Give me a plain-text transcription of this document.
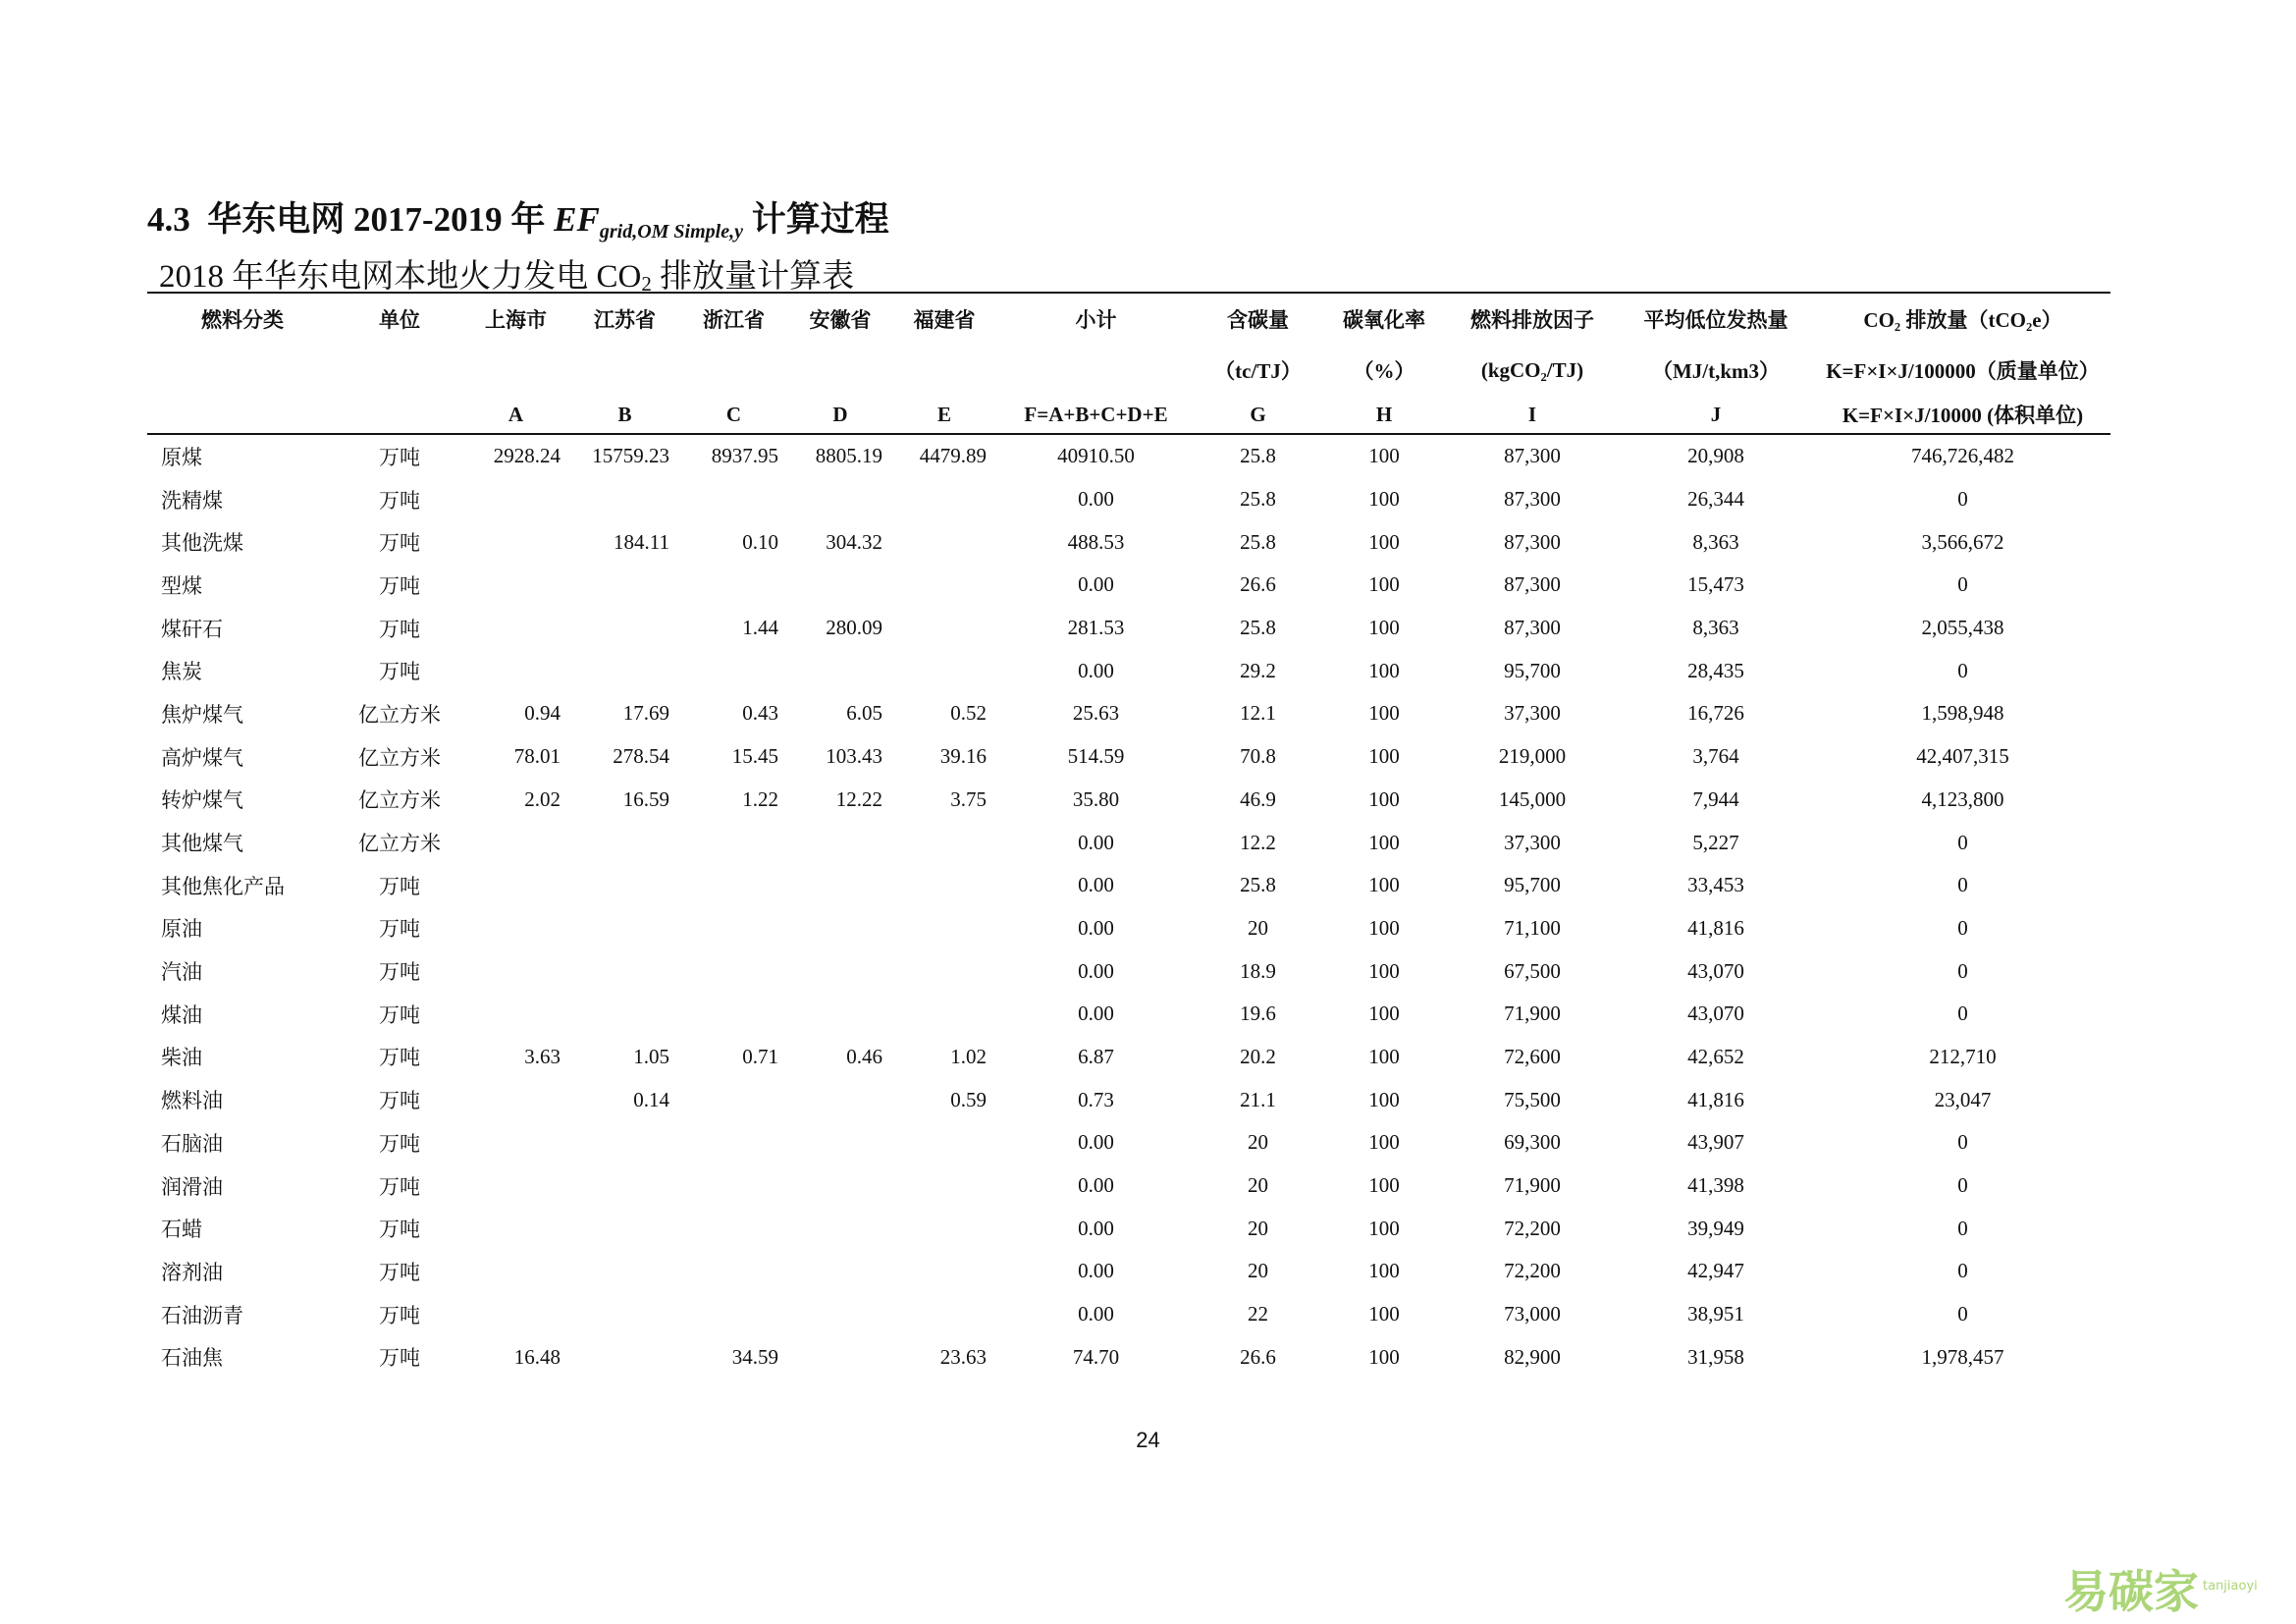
4.3 华东电网 2017-2019 年 $EF_{grid,OM Simple,y}$ 计算过程
2018 年华东电网本地火力发电 $CO_2$ 排放量计算表
燃料分类	单位	上海市	江苏省	浙江省	安徽省	福建省	小计	含碳量	碳氧化率	燃料排放因子	平均低位发热量	CO₂ 排放量（tCO₂e）
								（tc/TJ）	（%）	(kgCO₂/TJ)	（MJ/t,km3）	K=F×I×J/100000（质量单位）
		A	B	C	D	E	F=A+B+C+D+E	G	H	I	J	K=F×I×J/10000 (体积单位)
原煤	万吨	2928.24	15759.23	8937.95	8805.19	4479.89	40910.50	25.8	100	87,300	20,908	746,726,482
洗精煤	万吨						0.00	25.8	100	87,300	26,344	0
其他洗煤	万吨		184.11	0.10	304.32		488.53	25.8	100	87,300	8,363	3,566,672
型煤	万吨						0.00	26.6	100	87,300	15,473	0
煤矸石	万吨			1.44	280.09		281.53	25.8	100	87,300	8,363	2,055,438
焦炭	万吨						0.00	29.2	100	95,700	28,435	0
焦炉煤气	亿立方米	0.94	17.69	0.43	6.05	0.52	25.63	12.1	100	37,300	16,726	1,598,948
高炉煤气	亿立方米	78.01	278.54	15.45	103.43	39.16	514.59	70.8	100	219,000	3,764	42,407,315
转炉煤气	亿立方米	2.02	16.59	1.22	12.22	3.75	35.80	46.9	100	145,000	7,944	4,123,800
其他煤气	亿立方米						0.00	12.2	100	37,300	5,227	0
其他焦化产品	万吨						0.00	25.8	100	95,700	33,453	0
原油	万吨						0.00	20	100	71,100	41,816	0
汽油	万吨						0.00	18.9	100	67,500	43,070	0
煤油	万吨						0.00	19.6	100	71,900	43,070	0
柴油	万吨	3.63	1.05	0.71	0.46	1.02	6.87	20.2	100	72,600	42,652	212,710
燃料油	万吨		0.14			0.59	0.73	21.1	100	75,500	41,816	23,047
石脑油	万吨						0.00	20	100	69,300	43,907	0
润滑油	万吨						0.00	20	100	71,900	41,398	0
石蜡	万吨						0.00	20	100	72,200	39,949	0
溶剂油	万吨						0.00	20	100	72,200	42,947	0
石油沥青	万吨						0.00	22	100	73,000	38,951	0
石油焦	万吨	16.48		34.59		23.63	74.70	26.6	100	82,900	31,958	1,978,457
24
易碳家 $^{tanjiaoyi}$
